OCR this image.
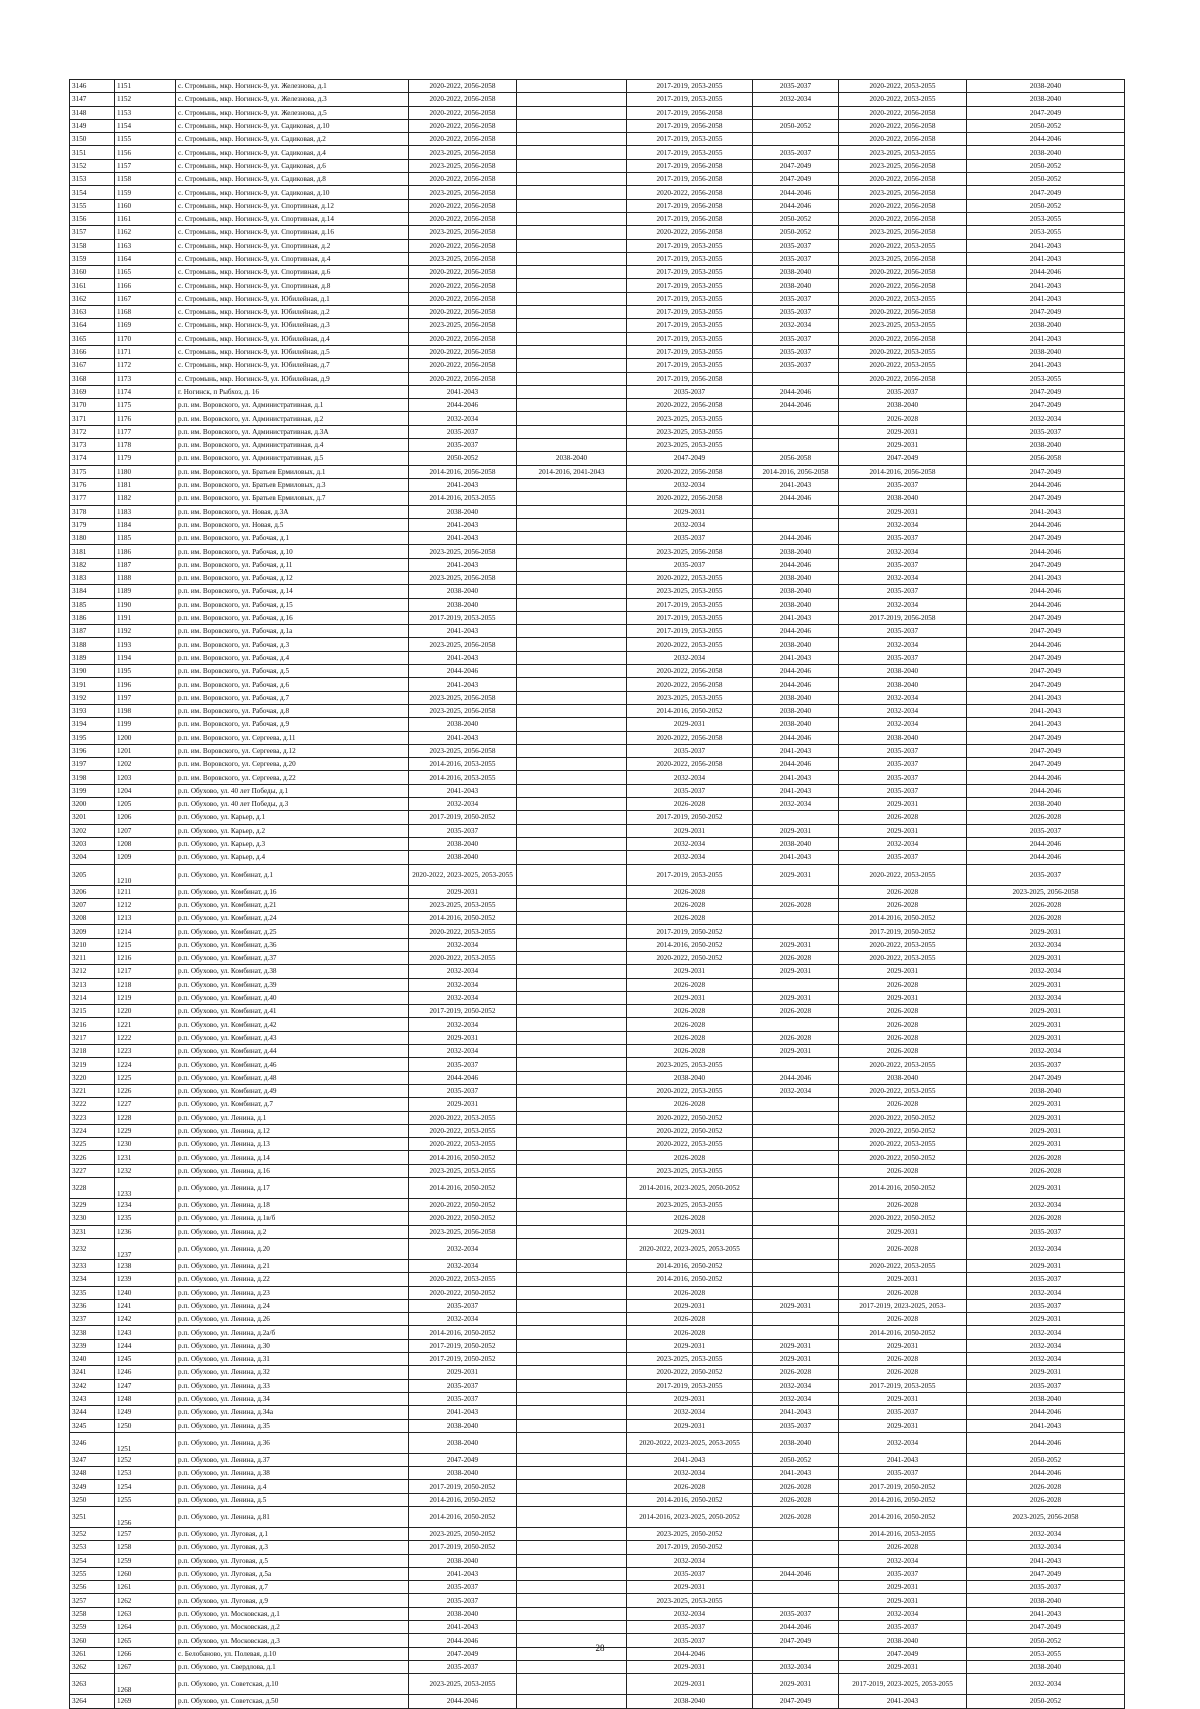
3146	1151	с. Стромынь, мкр. Ногинск-9, ул. Железнова, д.1	2020-2022, 2056-2058		2017-2019, 2053-2055	2035-2037	2020-2022, 2053-2055	2038-2040
3147	1152	с. Стромынь, мкр. Ногинск-9, ул. Железнова, д.3	2020-2022, 2056-2058		2017-2019, 2053-2055	2032-2034	2020-2022, 2053-2055	2038-2040
3148	1153	с. Стромынь, мкр. Ногинск-9, ул. Железнова, д.5	2020-2022, 2056-2058		2017-2019, 2056-2058		2020-2022, 2056-2058	2047-2049
3149	1154	с. Стромынь, мкр. Ногинск-9, ул. Садиковая, д.10	2020-2022, 2056-2058		2017-2019, 2056-2058	2050-2052	2020-2022, 2056-2058	2050-2052
3150	1155	с. Стромынь, мкр. Ногинск-9, ул. Садиковая, д.2	2020-2022, 2056-2058		2017-2019, 2053-2055		2020-2022, 2056-2058	2044-2046
3151	1156	с. Стромынь, мкр. Ногинск-9, ул. Садиковая, д.4	2023-2025, 2056-2058		2017-2019, 2053-2055	2035-2037	2023-2025, 2053-2055	2038-2040
3152	1157	с. Стромынь, мкр. Ногинск-9, ул. Садиковая, д.6	2023-2025, 2056-2058		2017-2019, 2056-2058	2047-2049	2023-2025, 2056-2058	2050-2052
3153	1158	с. Стромынь, мкр. Ногинск-9, ул. Садиковая, д.8	2020-2022, 2056-2058		2017-2019, 2056-2058	2047-2049	2020-2022, 2056-2058	2050-2052
3154	1159	с. Стромынь, мкр. Ногинск-9, ул. Садиковая, д.10	2023-2025, 2056-2058		2020-2022, 2056-2058	2044-2046	2023-2025, 2056-2058	2047-2049
3155	1160	с. Стромынь, мкр. Ногинск-9, ул. Спортивная, д.12	2020-2022, 2056-2058		2017-2019, 2056-2058	2044-2046	2020-2022, 2056-2058	2050-2052
3156	1161	с. Стромынь, мкр. Ногинск-9, ул. Спортивная, д.14	2020-2022, 2056-2058		2017-2019, 2056-2058	2050-2052	2020-2022, 2056-2058	2053-2055
3157	1162	с. Стромынь, мкр. Ногинск-9, ул. Спортивная, д.16	2023-2025, 2056-2058		2020-2022, 2056-2058	2050-2052	2023-2025, 2056-2058	2053-2055
3158	1163	с. Стромынь, мкр. Ногинск-9, ул. Спортивная, д.2	2020-2022, 2056-2058		2017-2019, 2053-2055	2035-2037	2020-2022, 2053-2055	2041-2043
3159	1164	с. Стромынь, мкр. Ногинск-9, ул. Спортивная, д.4	2023-2025, 2056-2058		2017-2019, 2053-2055	2035-2037	2023-2025, 2056-2058	2041-2043
3160	1165	с. Стромынь, мкр. Ногинск-9, ул. Спортивная, д.6	2020-2022, 2056-2058		2017-2019, 2053-2055	2038-2040	2020-2022, 2056-2058	2044-2046
3161	1166	с. Стромынь, мкр. Ногинск-9, ул. Спортивная, д.8	2020-2022, 2056-2058		2017-2019, 2053-2055	2038-2040	2020-2022, 2056-2058	2041-2043
3162	1167	с. Стромынь, мкр. Ногинск-9, ул. Юбилейная, д.1	2020-2022, 2056-2058		2017-2019, 2053-2055	2035-2037	2020-2022, 2053-2055	2041-2043
3163	1168	с. Стромынь, мкр. Ногинск-9, ул. Юбилейная, д.2	2020-2022, 2056-2058		2017-2019, 2053-2055	2035-2037	2020-2022, 2056-2058	2047-2049
3164	1169	с. Стромынь, мкр. Ногинск-9, ул. Юбилейная, д.3	2023-2025, 2056-2058		2017-2019, 2053-2055	2032-2034	2023-2025, 2053-2055	2038-2040
3165	1170	с. Стромынь, мкр. Ногинск-9, ул. Юбилейная, д.4	2020-2022, 2056-2058		2017-2019, 2053-2055	2035-2037	2020-2022, 2056-2058	2041-2043
3166	1171	с. Стромынь, мкр. Ногинск-9, ул. Юбилейная, д.5	2020-2022, 2056-2058		2017-2019, 2053-2055	2035-2037	2020-2022, 2053-2055	2038-2040
3167	1172	с. Стромынь, мкр. Ногинск-9, ул. Юбилейная, д.7	2020-2022, 2056-2058		2017-2019, 2053-2055	2035-2037	2020-2022, 2053-2055	2041-2043
3168	1173	с. Стромынь, мкр. Ногинск-9, ул. Юбилейная, д.9	2020-2022, 2056-2058		2017-2019, 2056-2058		2020-2022, 2056-2058	2053-2055
3169	1174	г. Ногинск, п Рыбхоз, д. 16	2041-2043		2035-2037	2044-2046	2035-2037	2047-2049
3170	1175	р.п. им. Воровского, ул. Административная, д.1	2044-2046		2020-2022, 2056-2058	2044-2046	2038-2040	2047-2049
3171	1176	р.п. им. Воровского, ул. Административная, д.2	2032-2034		2023-2025, 2053-2055		2026-2028	2032-2034
3172	1177	р.п. им. Воровского, ул. Административная, д.3А	2035-2037		2023-2025, 2053-2055		2029-2031	2035-2037
3173	1178	р.п. им. Воровского, ул. Административная, д.4	2035-2037		2023-2025, 2053-2055		2029-2031	2038-2040
3174	1179	р.п. им. Воровского, ул. Административная, д.5	2050-2052	2038-2040	2047-2049	2056-2058	2047-2049	2056-2058
3175	1180	р.п. им. Воровского, ул. Братьев Ермиловых, д.1	2014-2016, 2056-2058	2014-2016, 2041-2043	2020-2022, 2056-2058	2014-2016, 2056-2058	2014-2016, 2056-2058	2047-2049
3176	1181	р.п. им. Воровского, ул. Братьев Ермиловых, д.3	2041-2043		2032-2034	2041-2043	2035-2037	2044-2046
3177	1182	р.п. им. Воровского, ул. Братьев Ермиловых, д.7	2014-2016, 2053-2055		2020-2022, 2056-2058	2044-2046	2038-2040	2047-2049
3178	1183	р.п. им. Воровского, ул. Новая, д.3А	2038-2040		2029-2031		2029-2031	2041-2043
3179	1184	р.п. им. Воровского, ул. Новая, д.5	2041-2043		2032-2034		2032-2034	2044-2046
3180	1185	р.п. им. Воровского, ул. Рабочая, д.1	2041-2043		2035-2037	2044-2046	2035-2037	2047-2049
3181	1186	р.п. им. Воровского, ул. Рабочая, д.10	2023-2025, 2056-2058		2023-2025, 2056-2058	2038-2040	2032-2034	2044-2046
3182	1187	р.п. им. Воровского, ул. Рабочая, д.11	2041-2043		2035-2037	2044-2046	2035-2037	2047-2049
3183	1188	р.п. им. Воровского, ул. Рабочая, д.12	2023-2025, 2056-2058		2020-2022, 2053-2055	2038-2040	2032-2034	2041-2043
3184	1189	р.п. им. Воровского, ул. Рабочая, д.14	2038-2040		2023-2025, 2053-2055	2038-2040	2035-2037	2044-2046
3185	1190	р.п. им. Воровского, ул. Рабочая, д.15	2038-2040		2017-2019, 2053-2055	2038-2040	2032-2034	2044-2046
3186	1191	р.п. им. Воровского, ул. Рабочая, д.16	2017-2019, 2053-2055		2017-2019, 2053-2055	2041-2043	2017-2019, 2056-2058	2047-2049
3187	1192	р.п. им. Воровского, ул. Рабочая, д.1а	2041-2043		2017-2019, 2053-2055	2044-2046	2035-2037	2047-2049
3188	1193	р.п. им. Воровского, ул. Рабочая, д.3	2023-2025, 2056-2058		2020-2022, 2053-2055	2038-2040	2032-2034	2044-2046
3189	1194	р.п. им. Воровского, ул. Рабочая, д.4	2041-2043		2032-2034	2041-2043	2035-2037	2047-2049
3190	1195	р.п. им. Воровского, ул. Рабочая, д.5	2044-2046		2020-2022, 2056-2058	2044-2046	2038-2040	2047-2049
3191	1196	р.п. им. Воровского, ул. Рабочая, д.6	2041-2043		2020-2022, 2056-2058	2044-2046	2038-2040	2047-2049
3192	1197	р.п. им. Воровского, ул. Рабочая, д.7	2023-2025, 2056-2058		2023-2025, 2053-2055	2038-2040	2032-2034	2041-2043
3193	1198	р.п. им. Воровского, ул. Рабочая, д.8	2023-2025, 2056-2058		2014-2016, 2050-2052	2038-2040	2032-2034	2041-2043
3194	1199	р.п. им. Воровского, ул. Рабочая, д.9	2038-2040		2029-2031	2038-2040	2032-2034	2041-2043
3195	1200	р.п. им. Воровского, ул. Сергеева, д.11	2041-2043		2020-2022, 2056-2058	2044-2046	2038-2040	2047-2049
3196	1201	р.п. им. Воровского, ул. Сергеева, д.12	2023-2025, 2056-2058		2035-2037	2041-2043	2035-2037	2047-2049
3197	1202	р.п. им. Воровского, ул. Сергеева, д.20	2014-2016, 2053-2055		2020-2022, 2056-2058	2044-2046	2035-2037	2047-2049
3198	1203	р.п. им. Воровского, ул. Сергеева, д.22	2014-2016, 2053-2055		2032-2034	2041-2043	2035-2037	2044-2046
3199	1204	р.п. Обухово, ул. 40 лет Победы, д.1	2041-2043		2035-2037	2041-2043	2035-2037	2044-2046
3200	1205	р.п. Обухово, ул. 40 лет Победы, д.3	2032-2034		2026-2028	2032-2034	2029-2031	2038-2040
3201	1206	р.п. Обухово, ул. Карьер, д.1	2017-2019, 2050-2052		2017-2019, 2050-2052		2026-2028	2026-2028
3202	1207	р.п. Обухово, ул. Карьер, д.2	2035-2037		2029-2031	2029-2031	2029-2031	2035-2037
3203	1208	р.п. Обухово, ул. Карьер, д.3	2038-2040		2032-2034	2038-2040	2032-2034	2044-2046
3204	1209	р.п. Обухово, ул. Карьер, д.4	2038-2040		2032-2034	2041-2043	2035-2037	2044-2046
3205	1210	р.п. Обухово, ул. Комбинат, д.1	2020-2022, 2023-2025, 2053-2055		2017-2019, 2053-2055	2029-2031	2020-2022, 2053-2055	2035-2037
3206	1211	р.п. Обухово, ул. Комбинат, д.16	2029-2031		2026-2028		2026-2028	2023-2025, 2056-2058
3207	1212	р.п. Обухово, ул. Комбинат, д.21	2023-2025, 2053-2055		2026-2028	2026-2028	2026-2028	2026-2028
3208	1213	р.п. Обухово, ул. Комбинат, д.24	2014-2016, 2050-2052		2026-2028		2014-2016, 2050-2052	2026-2028
3209	1214	р.п. Обухово, ул. Комбинат, д.25	2020-2022, 2053-2055		2017-2019, 2050-2052		2017-2019, 2050-2052	2029-2031
3210	1215	р.п. Обухово, ул. Комбинат, д.36	2032-2034		2014-2016, 2050-2052	2029-2031	2020-2022, 2053-2055	2032-2034
3211	1216	р.п. Обухово, ул. Комбинат, д.37	2020-2022, 2053-2055		2020-2022, 2050-2052	2026-2028	2020-2022, 2053-2055	2029-2031
3212	1217	р.п. Обухово, ул. Комбинат, д.38	2032-2034		2029-2031	2029-2031	2029-2031	2032-2034
3213	1218	р.п. Обухово, ул. Комбинат, д.39	2032-2034		2026-2028		2026-2028	2029-2031
3214	1219	р.п. Обухово, ул. Комбинат, д.40	2032-2034		2029-2031	2029-2031	2029-2031	2032-2034
3215	1220	р.п. Обухово, ул. Комбинат, д.41	2017-2019, 2050-2052		2026-2028	2026-2028	2026-2028	2029-2031
3216	1221	р.п. Обухово, ул. Комбинат, д.42	2032-2034		2026-2028		2026-2028	2029-2031
3217	1222	р.п. Обухово, ул. Комбинат, д.43	2029-2031		2026-2028	2026-2028	2026-2028	2029-2031
3218	1223	р.п. Обухово, ул. Комбинат, д.44	2032-2034		2026-2028	2029-2031	2026-2028	2032-2034
3219	1224	р.п. Обухово, ул. Комбинат, д.46	2035-2037		2023-2025, 2053-2055		2020-2022, 2053-2055	2035-2037
3220	1225	р.п. Обухово, ул. Комбинат, д.48	2044-2046		2038-2040	2044-2046	2038-2040	2047-2049
3221	1226	р.п. Обухово, ул. Комбинат, д.49	2035-2037		2020-2022, 2053-2055	2032-2034	2020-2022, 2053-2055	2038-2040
3222	1227	р.п. Обухово, ул. Комбинат, д.7	2029-2031		2026-2028		2026-2028	2029-2031
3223	1228	р.п. Обухово, ул. Ленина, д.1	2020-2022, 2053-2055		2020-2022, 2050-2052		2020-2022, 2050-2052	2029-2031
3224	1229	р.п. Обухово, ул. Ленина, д.12	2020-2022, 2053-2055		2020-2022, 2050-2052		2020-2022, 2050-2052	2029-2031
3225	1230	р.п. Обухово, ул. Ленина, д.13	2020-2022, 2053-2055		2020-2022, 2053-2055		2020-2022, 2053-2055	2029-2031
3226	1231	р.п. Обухово, ул. Ленина, д.14	2014-2016, 2050-2052		2026-2028		2020-2022, 2050-2052	2026-2028
3227	1232	р.п. Обухово, ул. Ленина, д.16	2023-2025, 2053-2055		2023-2025, 2053-2055		2026-2028	2026-2028
3228	1233	р.п. Обухово, ул. Ленина, д.17	2014-2016, 2050-2052		2014-2016, 2023-2025, 2050-2052		2014-2016, 2050-2052	2029-2031
3229	1234	р.п. Обухово, ул. Ленина, д.18	2020-2022, 2050-2052		2023-2025, 2053-2055		2026-2028	2032-2034
3230	1235	р.п. Обухово, ул. Ленина, д.1в/б	2020-2022, 2050-2052		2026-2028		2020-2022, 2050-2052	2026-2028
3231	1236	р.п. Обухово, ул. Ленина, д.2	2023-2025, 2056-2058		2029-2031		2029-2031	2035-2037
3232	1237	р.п. Обухово, ул. Ленина, д.20	2032-2034		2020-2022, 2023-2025, 2053-2055		2026-2028	2032-2034
3233	1238	р.п. Обухово, ул. Ленина, д.21	2032-2034		2014-2016, 2050-2052		2020-2022, 2053-2055	2029-2031
3234	1239	р.п. Обухово, ул. Ленина, д.22	2020-2022, 2053-2055		2014-2016, 2050-2052		2029-2031	2035-2037
3235	1240	р.п. Обухово, ул. Ленина, д.23	2020-2022, 2050-2052		2026-2028		2026-2028	2032-2034
3236	1241	р.п. Обухово, ул. Ленина, д.24	2035-2037		2029-2031	2029-2031	2017-2019, 2023-2025, 2053-	2035-2037
3237	1242	р.п. Обухово, ул. Ленина, д.26	2032-2034		2026-2028		2026-2028	2029-2031
3238	1243	р.п. Обухово, ул. Ленина, д.2а/б	2014-2016, 2050-2052		2026-2028		2014-2016, 2050-2052	2032-2034
3239	1244	р.п. Обухово, ул. Ленина, д.30	2017-2019, 2050-2052		2029-2031	2029-2031	2029-2031	2032-2034
3240	1245	р.п. Обухово, ул. Ленина, д.31	2017-2019, 2050-2052		2023-2025, 2053-2055	2029-2031	2026-2028	2032-2034
3241	1246	р.п. Обухово, ул. Ленина, д.32	2029-2031		2020-2022, 2050-2052	2026-2028	2026-2028	2029-2031
3242	1247	р.п. Обухово, ул. Ленина, д.33	2035-2037		2017-2019, 2053-2055	2032-2034	2017-2019, 2053-2055	2035-2037
3243	1248	р.п. Обухово, ул. Ленина, д.34	2035-2037		2029-2031	2032-2034	2029-2031	2038-2040
3244	1249	р.п. Обухово, ул. Ленина, д.34а	2041-2043		2032-2034	2041-2043	2035-2037	2044-2046
3245	1250	р.п. Обухово, ул. Ленина, д.35	2038-2040		2029-2031	2035-2037	2029-2031	2041-2043
3246	1251	р.п. Обухово, ул. Ленина, д.36	2038-2040		2020-2022, 2023-2025, 2053-2055	2038-2040	2032-2034	2044-2046
3247	1252	р.п. Обухово, ул. Ленина, д.37	2047-2049		2041-2043	2050-2052	2041-2043	2050-2052
3248	1253	р.п. Обухово, ул. Ленина, д.38	2038-2040		2032-2034	2041-2043	2035-2037	2044-2046
3249	1254	р.п. Обухово, ул. Ленина, д.4	2017-2019, 2050-2052		2026-2028	2026-2028	2017-2019, 2050-2052	2026-2028
3250	1255	р.п. Обухово, ул. Ленина, д.5	2014-2016, 2050-2052		2014-2016, 2050-2052	2026-2028	2014-2016, 2050-2052	2026-2028
3251	1256	р.п. Обухово, ул. Ленина, д.81	2014-2016, 2050-2052		2014-2016, 2023-2025, 2050-2052	2026-2028	2014-2016, 2050-2052	2023-2025, 2056-2058
3252	1257	р.п. Обухово, ул. Луговая, д.1	2023-2025, 2050-2052		2023-2025, 2050-2052		2014-2016, 2053-2055	2032-2034
3253	1258	р.п. Обухово, ул. Луговая, д.3	2017-2019, 2050-2052		2017-2019, 2050-2052		2026-2028	2032-2034
3254	1259	р.п. Обухово, ул. Луговая, д.5	2038-2040		2032-2034		2032-2034	2041-2043
3255	1260	р.п. Обухово, ул. Луговая, д.5а	2041-2043		2035-2037	2044-2046	2035-2037	2047-2049
3256	1261	р.п. Обухово, ул. Луговая, д.7	2035-2037		2029-2031		2029-2031	2035-2037
3257	1262	р.п. Обухово, ул. Луговая, д.9	2035-2037		2023-2025, 2053-2055		2029-2031	2038-2040
3258	1263	р.п. Обухово, ул. Московская, д.1	2038-2040		2032-2034	2035-2037	2032-2034	2041-2043
3259	1264	р.п. Обухово, ул. Московская, д.2	2041-2043		2035-2037	2044-2046	2035-2037	2047-2049
3260	1265	р.п. Обухово, ул. Московская, д.3	2044-2046		2035-2037	2047-2049	2038-2040	2050-2052
3261	1266	с. Белобаново, ул. Полевая, д.10	2047-2049		2044-2046		2047-2049	2053-2055
3262	1267	р.п. Обухово, ул. Свердлова, д.1	2035-2037		2029-2031	2032-2034	2029-2031	2038-2040
3263	1268	р.п. Обухово, ул. Советская, д.10	2023-2025, 2053-2055		2029-2031	2029-2031	2017-2019, 2023-2025, 2053-2055	2032-2034
3264	1269	р.п. Обухово, ул. Советская, д.50	2044-2046		2038-2040	2047-2049	2041-2043	2050-2052
28
